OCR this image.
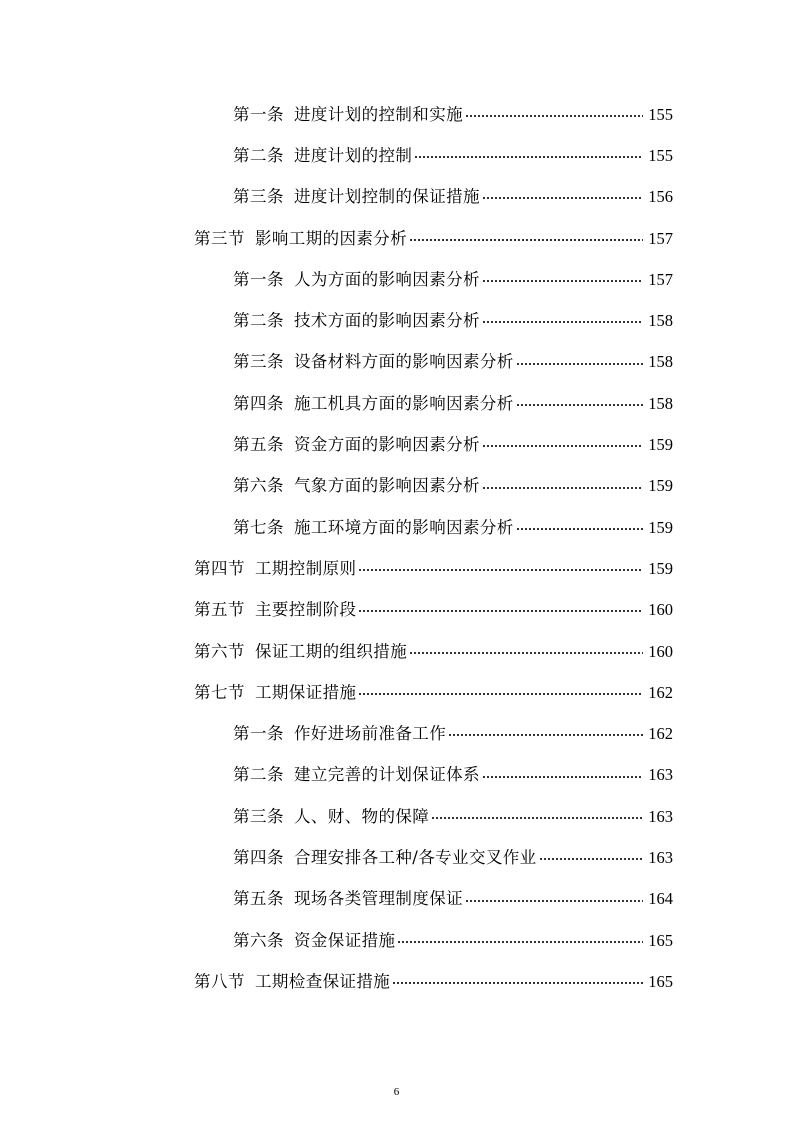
第一条 进度计划的控制和实施	155
第二条 进度计划的控制	155
第三条 进度计划控制的保证措施	156
第三节 影响工期的因素分析	157
第一条 人为方面的影响因素分析	157
第二条 技术方面的影响因素分析	158
第三条 设备材料方面的影响因素分析	158
第四条 施工机具方面的影响因素分析	158
第五条 资金方面的影响因素分析	159
第六条 气象方面的影响因素分析	159
第七条 施工环境方面的影响因素分析	159
第四节 工期控制原则	159
第五节 主要控制阶段	160
第六节 保证工期的组织措施	160
第七节 工期保证措施	162
第一条 作好进场前准备工作	162
第二条 建立完善的计划保证体系	163
第三条 人、财、物的保障	163
第四条 合理安排各工种/各专业交叉作业	163
第五条 现场各类管理制度保证	164
第六条 资金保证措施	165
第八节 工期检查保证措施	165
6
